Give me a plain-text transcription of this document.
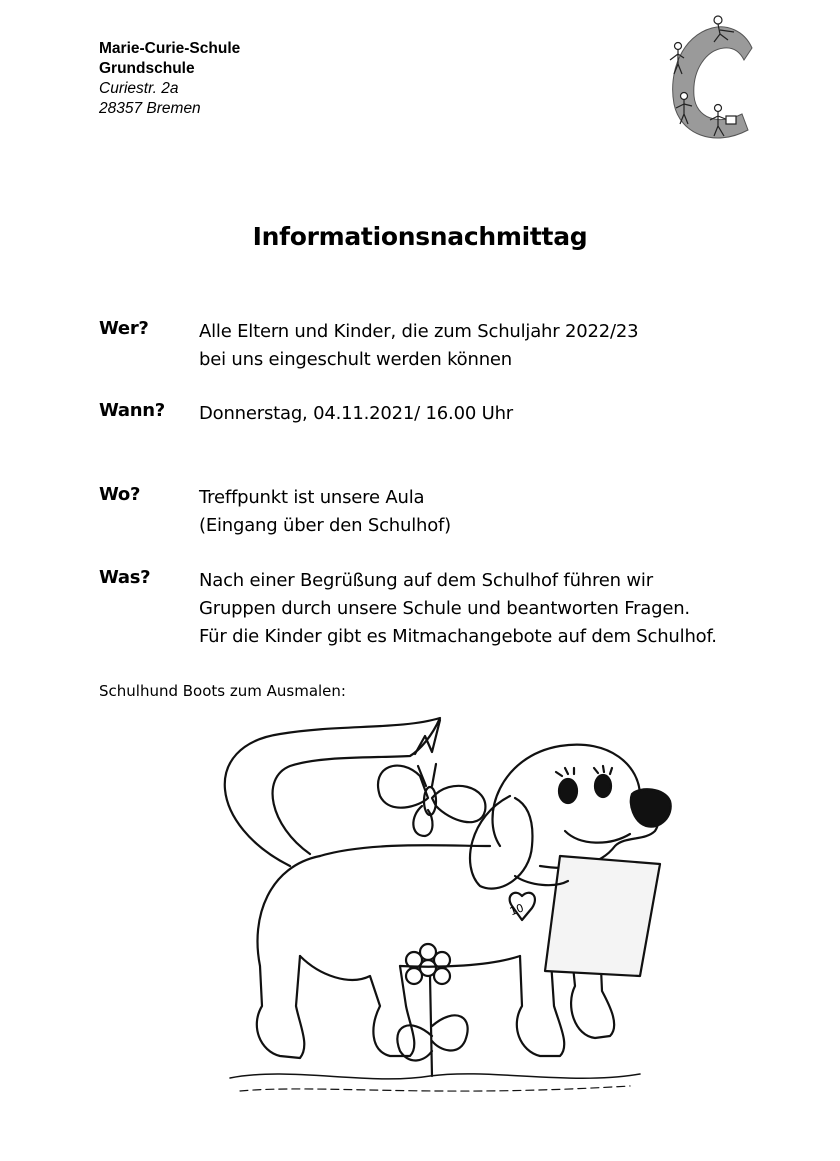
Marie-Curie-Schule
Grundschule
Curiestr. 2a
28357 Bremen
Informationsnachmittag
Wer?	Alle Eltern und Kinder, die zum Schuljahr 2022/23
bei uns eingeschult werden können
Wann? Donnerstag, 04.11.2021/ 16.00 Uhr
Wo?	Treffpunkt ist unsere Aula
(Eingang über den Schulhof)
Was?	Nach einer Begrüßung auf dem Schulhof führen wir
Gruppen durch unsere Schule und beantworten Fragen.
Für die Kinder gibt es Mitmachangebote auf dem Schulhof.
Schulhund Boots zum Ausmalen:
10
